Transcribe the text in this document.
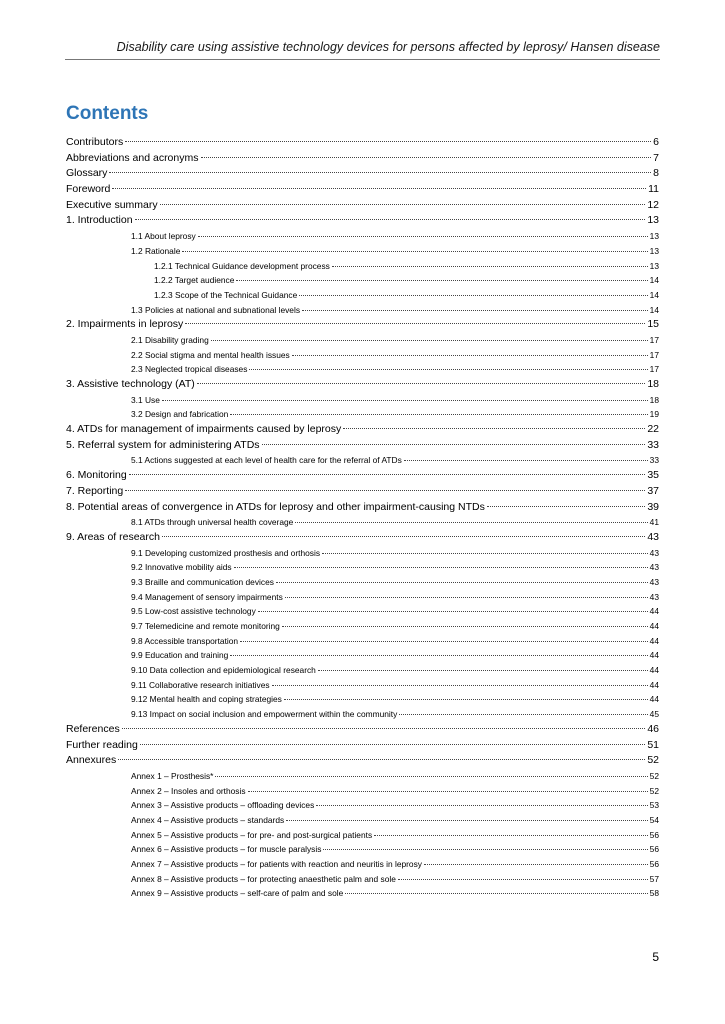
Disability care using assistive technology devices for persons affected by leprosy/ Hansen disease
Contents
Contributors	6
Abbreviations and acronyms	7
Glossary	8
Foreword	11
Executive summary	12
1. Introduction	13
1.1 About leprosy	13
1.2 Rationale	13
1.2.1 Technical Guidance development process	13
1.2.2 Target audience	14
1.2.3 Scope of the Technical Guidance	14
1.3 Policies at national and subnational levels	14
2. Impairments in leprosy	15
2.1 Disability grading	17
2.2 Social stigma and mental health issues	17
2.3 Neglected tropical diseases	17
3. Assistive technology (AT)	18
3.1 Use	18
3.2 Design and fabrication	19
4. ATDs for management of impairments caused by leprosy	22
5. Referral system for administering ATDs	33
5.1 Actions suggested at each level of health care for the referral of ATDs	33
6. Monitoring	35
7. Reporting	37
8. Potential areas of convergence in ATDs for leprosy and other impairment-causing NTDs	39
8.1 ATDs through universal health coverage	41
9. Areas of research	43
9.1 Developing customized prosthesis and orthosis	43
9.2 Innovative mobility aids	43
9.3 Braille and communication devices	43
9.4 Management of sensory impairments	43
9.5 Low-cost assistive technology	44
9.7 Telemedicine and remote monitoring	44
9.8 Accessible transportation	44
9.9 Education and training	44
9.10 Data collection and epidemiological research	44
9.11 Collaborative research initiatives	44
9.12 Mental health and coping strategies	44
9.13 Impact on social inclusion and empowerment within the community	45
References	46
Further reading	51
Annexures	52
Annex 1 – Prosthesis*	52
Annex 2 – Insoles and orthosis	52
Annex 3 – Assistive products – offloading devices	53
Annex 4 – Assistive products – standards	54
Annex 5 – Assistive products – for pre- and post-surgical patients	56
Annex 6 – Assistive products – for muscle paralysis	56
Annex 7 – Assistive products – for patients with reaction and neuritis in leprosy	56
Annex 8 – Assistive products – for protecting anaesthetic palm and sole	57
Annex 9 – Assistive products – self-care of palm and sole	58
5
